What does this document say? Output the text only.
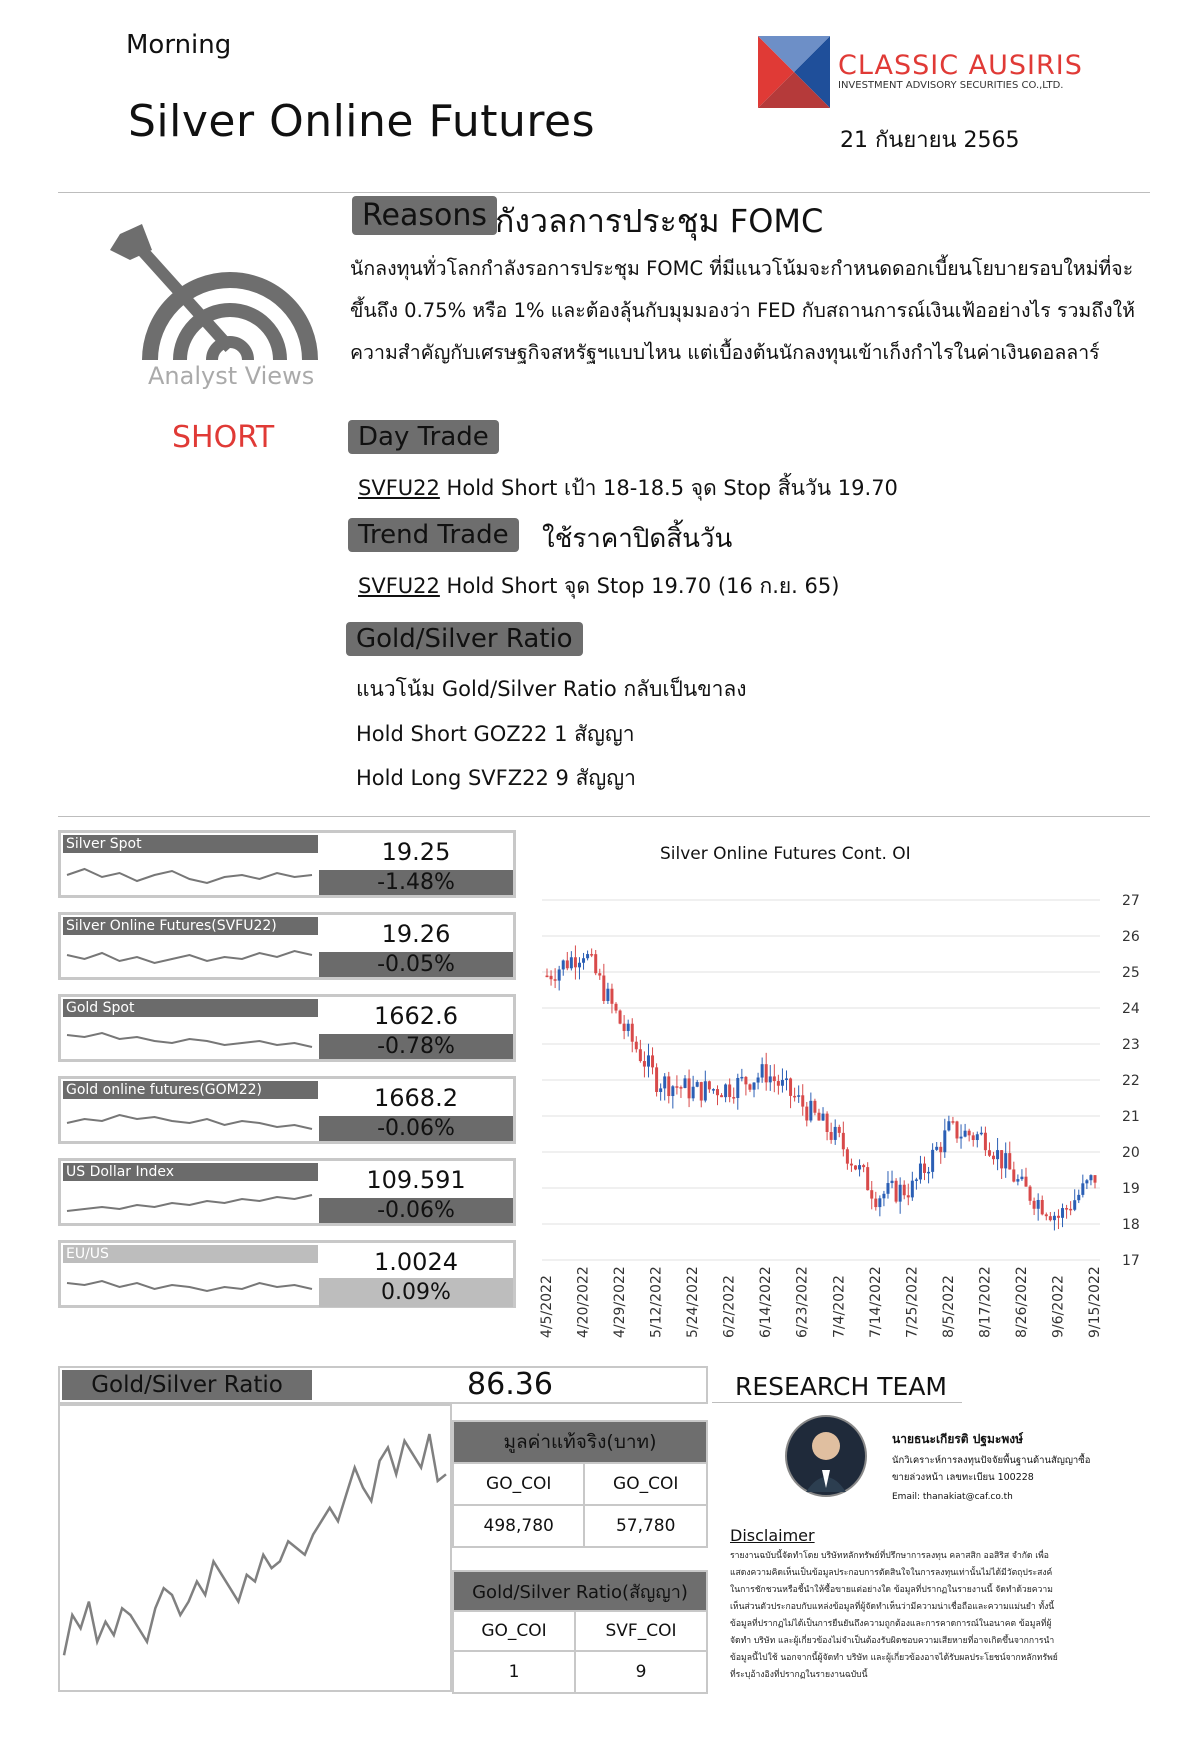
Morning
Silver Online Futures
CLASSIC AUSIRIS
INVESTMENT ADVISORY SECURITIES CO.,LTD.
21 กันยายน 2565
Analyst Views
SHORT
Reasons กังวลการประชุม FOMC
นักลงทุนทั่วโลกกำลังรอการประชุม FOMC ที่มีแนวโน้มจะกำหนดดอกเบี้ยนโยบายรอบใหม่ที่จะขึ้นถึง 0.75% หรือ 1% และต้องลุ้นกับมุมมองว่า FED กับสถานการณ์เงินเฟ้ออย่างไร รวมถึงให้ความสำคัญกับเศรษฐกิจสหรัฐฯแบบไหน แต่เบื้องต้นนักลงทุนเข้าเก็งกำไรในค่าเงินดอลลาร์
Day Trade
SVFU22 Hold Short เป้า 18-18.5 จุด Stop สิ้นวัน 19.70
Trend Trade	ใช้ราคาปิดสิ้นวัน
SVFU22 Hold Short จุด Stop 19.70 (16 ก.ย. 65)
Gold/Silver Ratio
แนวโน้ม Gold/Silver Ratio กลับเป็นขาลง
Hold Short GOZ22 1 สัญญา
Hold Long SVFZ22 9 สัญญา
Silver Spot	19.25
-1.48%
Silver Online Futures(SVFU22)	19.26
-0.05%
Gold Spot	1662.6
-0.78%
Gold online futures(GOM22)	1668.2
-0.06%
US Dollar Index	109.591
-0.06%
EU/US	1.0024
0.09%
Silver Online Futures Cont. OI
27
26
25
24
23
22
21
20
19
18
17
4/5/2022 4/20/2022 4/29/2022 5/12/2022 5/24/2022 6/2/2022 6/14/2022 6/23/2022 7/4/2022 7/14/2022 7/25/2022 8/5/2022 8/17/2022 8/26/2022 9/6/2022 9/15/2022
Gold/Silver Ratio	86.36
มูลค่าแท้จริง(บาท)	
GO_COI	GO_COI
498,780	57,780
Gold/Silver Ratio(สัญญา)	
GO_COI	SVF_COI
1	9
RESEARCH TEAM
นายธนะเกียรติ ปฐมะพงษ์
นักวิเคราะห์การลงทุนปัจจัยพื้นฐานด้านสัญญาซื้อขายล่วงหน้า เลขทะเบียน 100228
Email: thanakiat@caf.co.th
Disclaimer
รายงานฉบับนี้จัดทำโดย บริษัทหลักทรัพย์ที่ปรึกษาการลงทุน คลาสสิก ออสิริส จำกัด เพื่อแสดงความคิดเห็นเป็นข้อมูลประกอบการตัดสินใจในการลงทุนเท่านั้นไม่ได้มีวัตถุประสงค์ในการชักชวนหรือชี้นำให้ซื้อขายแต่อย่างใด ข้อมูลที่ปรากฏในรายงานนี้ จัดทำด้วยความเห็นส่วนตัวประกอบกับแหล่งข้อมูลที่ผู้จัดทำเห็นว่ามีความน่าเชื่อถือและความแม่นยำ ทั้งนี้ข้อมูลที่ปรากฏไม่ได้เป็นการยืนยันถึงความถูกต้องและการคาดการณ์ในอนาคต ข้อมูลที่ผู้จัดทำ บริษัท และผู้เกี่ยวข้องไม่จำเป็นต้องรับผิดชอบความเสียหายที่อาจเกิดขึ้นจากการนำข้อมูลนี้ไปใช้ นอกจากนี้ผู้จัดทำ บริษัท และผู้เกี่ยวข้องอาจได้รับผลประโยชน์จากหลักทรัพย์ที่ระบุอ้างอิงที่ปรากฏในรายงานฉบับนี้
